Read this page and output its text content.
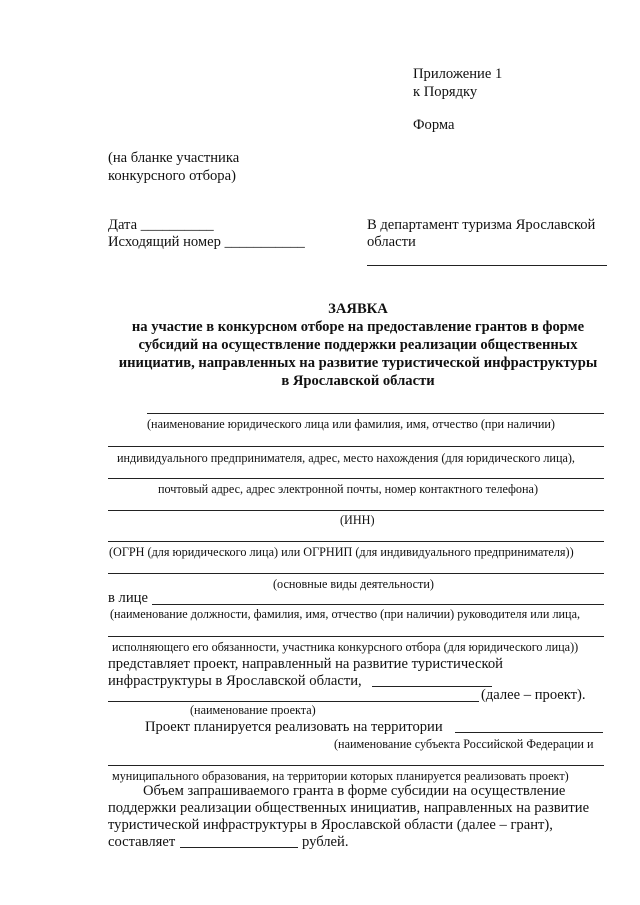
Приложение 1
к Порядку
Форма
(на бланке участника
конкурсного отбора)
Дата __________
Исходящий номер ___________
В департамент туризма Ярославской
области
ЗАЯВКА
на участие в конкурсном отборе на предоставление грантов в форме
субсидий на осуществление поддержки реализации общественных
инициатив, направленных на развитие туристической инфраструктуры
в Ярославской области
(наименование юридического лица или фамилия, имя, отчество (при наличии)
индивидуального предпринимателя, адрес, место нахождения (для юридического лица),
почтовый адрес, адрес электронной почты, номер контактного телефона)
(ИНН)
(ОГРН (для юридического лица) или ОГРНИП (для индивидуального предпринимателя))
(основные виды деятельности)
в лице
(наименование должности, фамилия, имя, отчество (при наличии) руководителя или лица,
исполняющего его обязанности, участника конкурсного отбора (для юридического лица))
представляет проект, направленный на развитие туристической
инфраструктуры в Ярославской области,
(далее – проект).
(наименование проекта)
Проект планируется реализовать на территории
(наименование субъекта Российской Федерации и
муниципального образования, на территории которых планируется реализовать проект)
Объем запрашиваемого гранта в форме субсидии на осуществление
поддержки реализации общественных инициатив, направленных на развитие
туристической инфраструктуры в Ярославской области (далее – грант),
составляет	рублей.
